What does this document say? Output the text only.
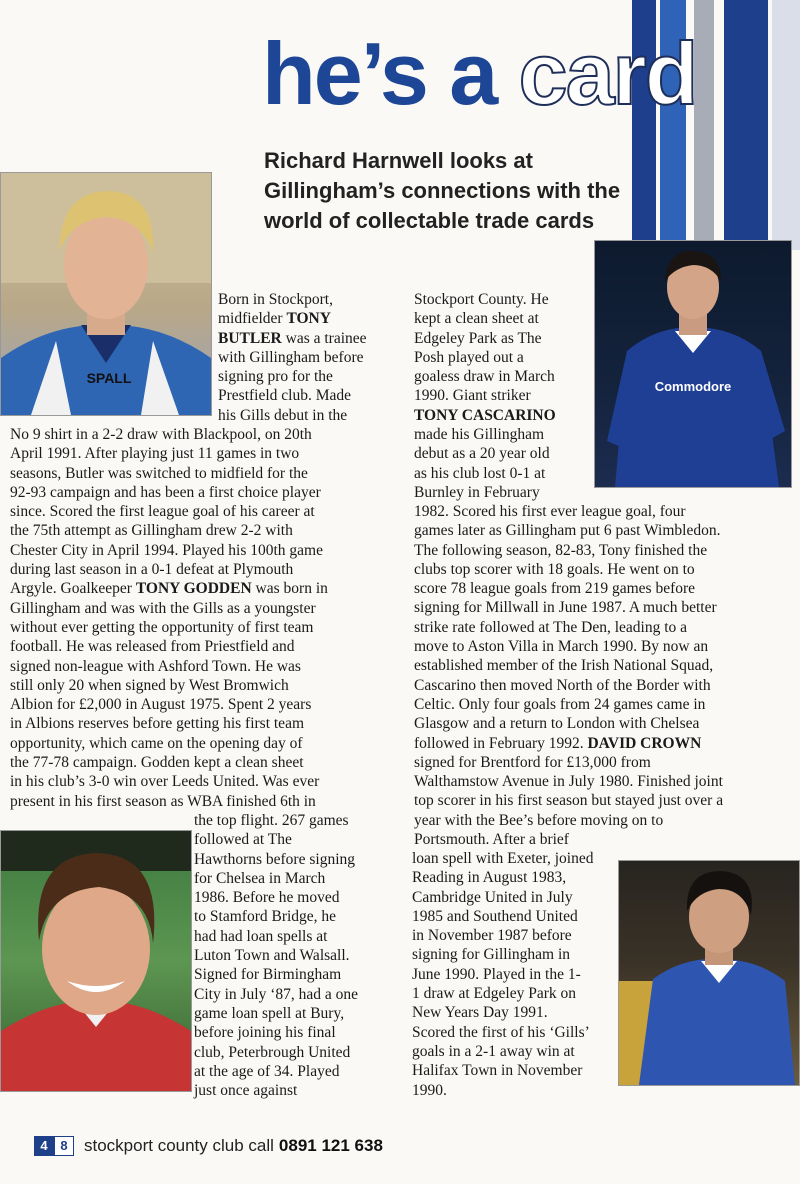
he’s a card
Richard Harnwell looks at Gillingham’s connections with the world of collectable trade cards
SPALL
Commodore
Born in Stockport,
midfielder TONY
BUTLER was a trainee
with Gillingham before
signing pro for the
Prestfield club. Made
his Gills debut in the
No 9 shirt in a 2-2 draw with Blackpool, on 20th
April 1991. After playing just 11 games in two
seasons, Butler was switched to midfield for the
92-93 campaign and has been a first choice player
since. Scored the first league goal of his career at
the 75th attempt as Gillingham drew 2-2 with
Chester City in April 1994. Played his 100th game
during last season in a 0-1 defeat at Plymouth
Argyle. Goalkeeper TONY GODDEN was born in
Gillingham and was with the Gills as a youngster
without ever getting the opportunity of first team
football. He was released from Priestfield and
signed non-league with Ashford Town. He was
still only 20 when signed by West Bromwich
Albion for £2,000 in August 1975. Spent 2 years
in Albions reserves before getting his first team
opportunity, which came on the opening day of
the 77-78 campaign. Godden kept a clean sheet
in his club’s 3-0 win over Leeds United. Was ever
present in his first season as WBA finished 6th in
the top flight. 267 games
followed at The
Hawthorns before signing
for Chelsea in March
1986. Before he moved
to Stamford Bridge, he
had had loan spells at
Luton Town and Walsall.
Signed for Birmingham
City in July ‘87, had a one
game loan spell at Bury,
before joining his final
club, Peterbrough United
at the age of 34. Played
just once against
Stockport County. He
kept a clean sheet at
Edgeley Park as The
Posh played out a
goaless draw in March
1990. Giant striker
TONY CASCARINO
made his Gillingham
debut as a 20 year old
as his club lost 0-1 at
Burnley in February
1982. Scored his first ever league goal, four
games later as Gillingham put 6 past Wimbledon.
The following season, 82-83, Tony finished the
clubs top scorer with 18 goals. He went on to
score 78 league goals from 219 games before
signing for Millwall in June 1987. A much better
strike rate followed at The Den, leading to a
move to Aston Villa in March 1990. By now an
established member of the Irish National Squad,
Cascarino then moved North of the Border with
Celtic. Only four goals from 24 games came in
Glasgow and a return to London with Chelsea
followed in February 1992. DAVID CROWN
signed for Brentford for £13,000 from
Walthamstow Avenue in July 1980. Finished joint
top scorer in his first season but stayed just over a
year with the Bee’s before moving on to
Portsmouth. After a brief
loan spell with Exeter, joined
Reading in August 1983,
Cambridge United in July
1985 and Southend United
in November 1987 before
signing for Gillingham in
June 1990. Played in the 1-
1 draw at Edgeley Park on
New Years Day 1991.
Scored the first of his ‘Gills’
goals in a 2-1 away win at
Halifax Town in November
1990.
4 8 stockport county club call 0891 121 638
